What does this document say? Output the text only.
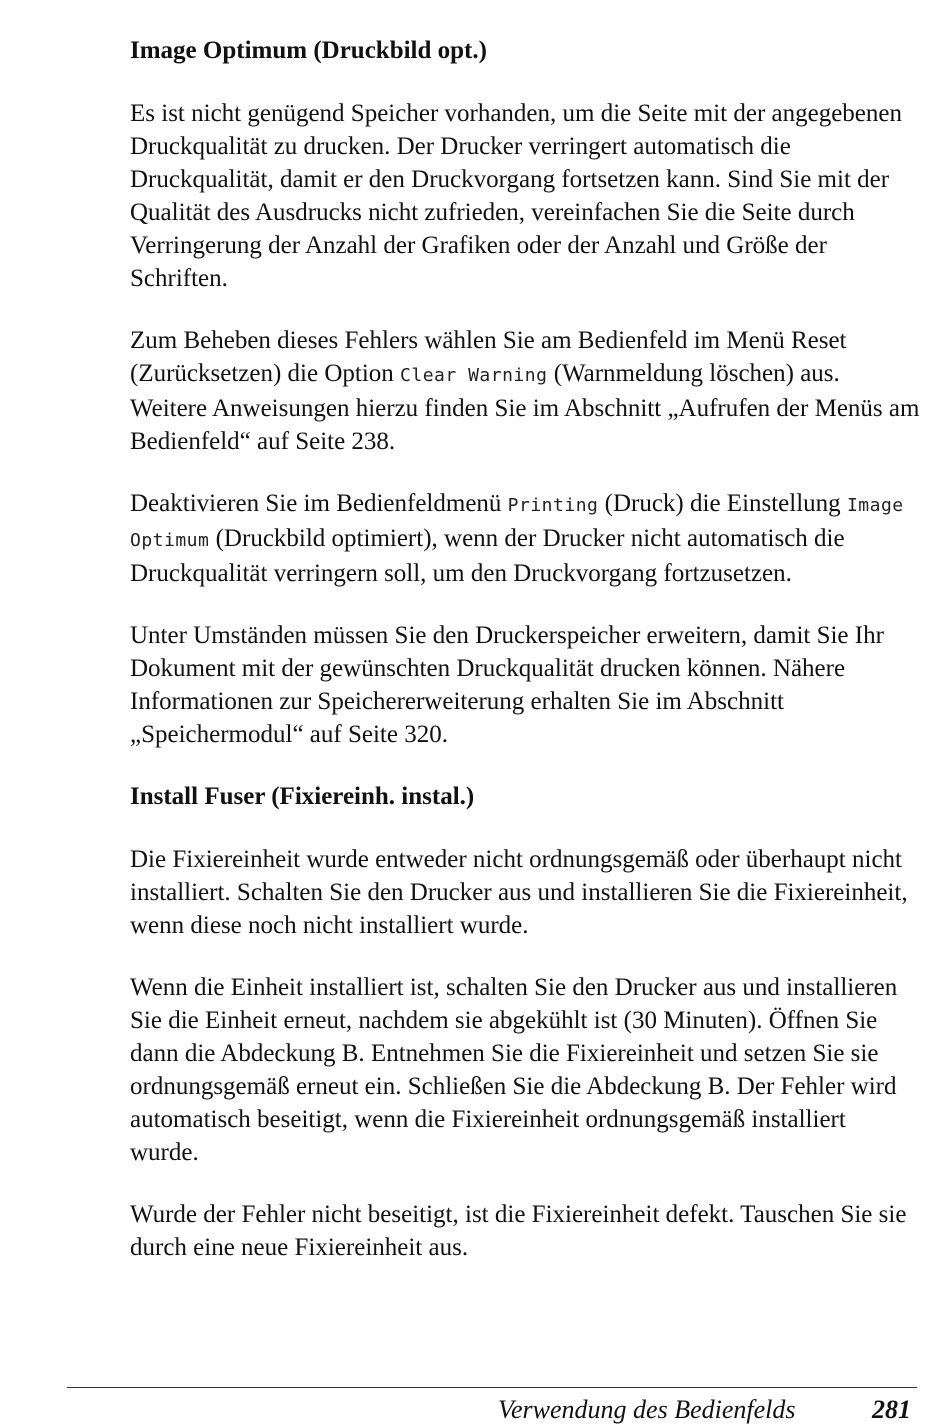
Image Optimum (Druckbild opt.)

Es ist nicht genügend Speicher vorhanden, um die Seite mit der angegebenen Druckqualität zu drucken. Der Drucker verringert automatisch die Druckqualität, damit er den Druckvorgang fortsetzen kann. Sind Sie mit der Qualität des Ausdrucks nicht zufrieden, vereinfachen Sie die Seite durch Verringerung der Anzahl der Grafiken oder der Anzahl und Größe der Schriften.

Zum Beheben dieses Fehlers wählen Sie am Bedienfeld im Menü Reset (Zurücksetzen) die Option Clear Warning (Warnmeldung löschen) aus. Weitere Anweisungen hierzu finden Sie im Abschnitt „Aufrufen der Menüs am Bedienfeld“ auf Seite 238.

Deaktivieren Sie im Bedienfeldmenü Printing (Druck) die Einstellung Image Optimum (Druckbild optimiert), wenn der Drucker nicht automatisch die Druckqualität verringern soll, um den Druckvorgang fortzusetzen.

Unter Umständen müssen Sie den Druckerspeicher erweitern, damit Sie Ihr Dokument mit der gewünschten Druckqualität drucken können. Nähere Informationen zur Speichererweiterung erhalten Sie im Abschnitt „Speichermodul“ auf Seite 320.

Install Fuser (Fixiereinh. instal.)

Die Fixiereinheit wurde entweder nicht ordnungsgemäß oder überhaupt nicht installiert. Schalten Sie den Drucker aus und installieren Sie die Fixiereinheit, wenn diese noch nicht installiert wurde.

Wenn die Einheit installiert ist, schalten Sie den Drucker aus und installieren Sie die Einheit erneut, nachdem sie abgekühlt ist (30 Minuten). Öffnen Sie dann die Abdeckung B. Entnehmen Sie die Fixiereinheit und setzen Sie sie ordnungsgemäß erneut ein. Schließen Sie die Abdeckung B. Der Fehler wird automatisch beseitigt, wenn die Fixiereinheit ordnungsgemäß installiert wurde.

Wurde der Fehler nicht beseitigt, ist die Fixiereinheit defekt. Tauschen Sie sie durch eine neue Fixiereinheit aus.

Verwendung des Bedienfelds	281
